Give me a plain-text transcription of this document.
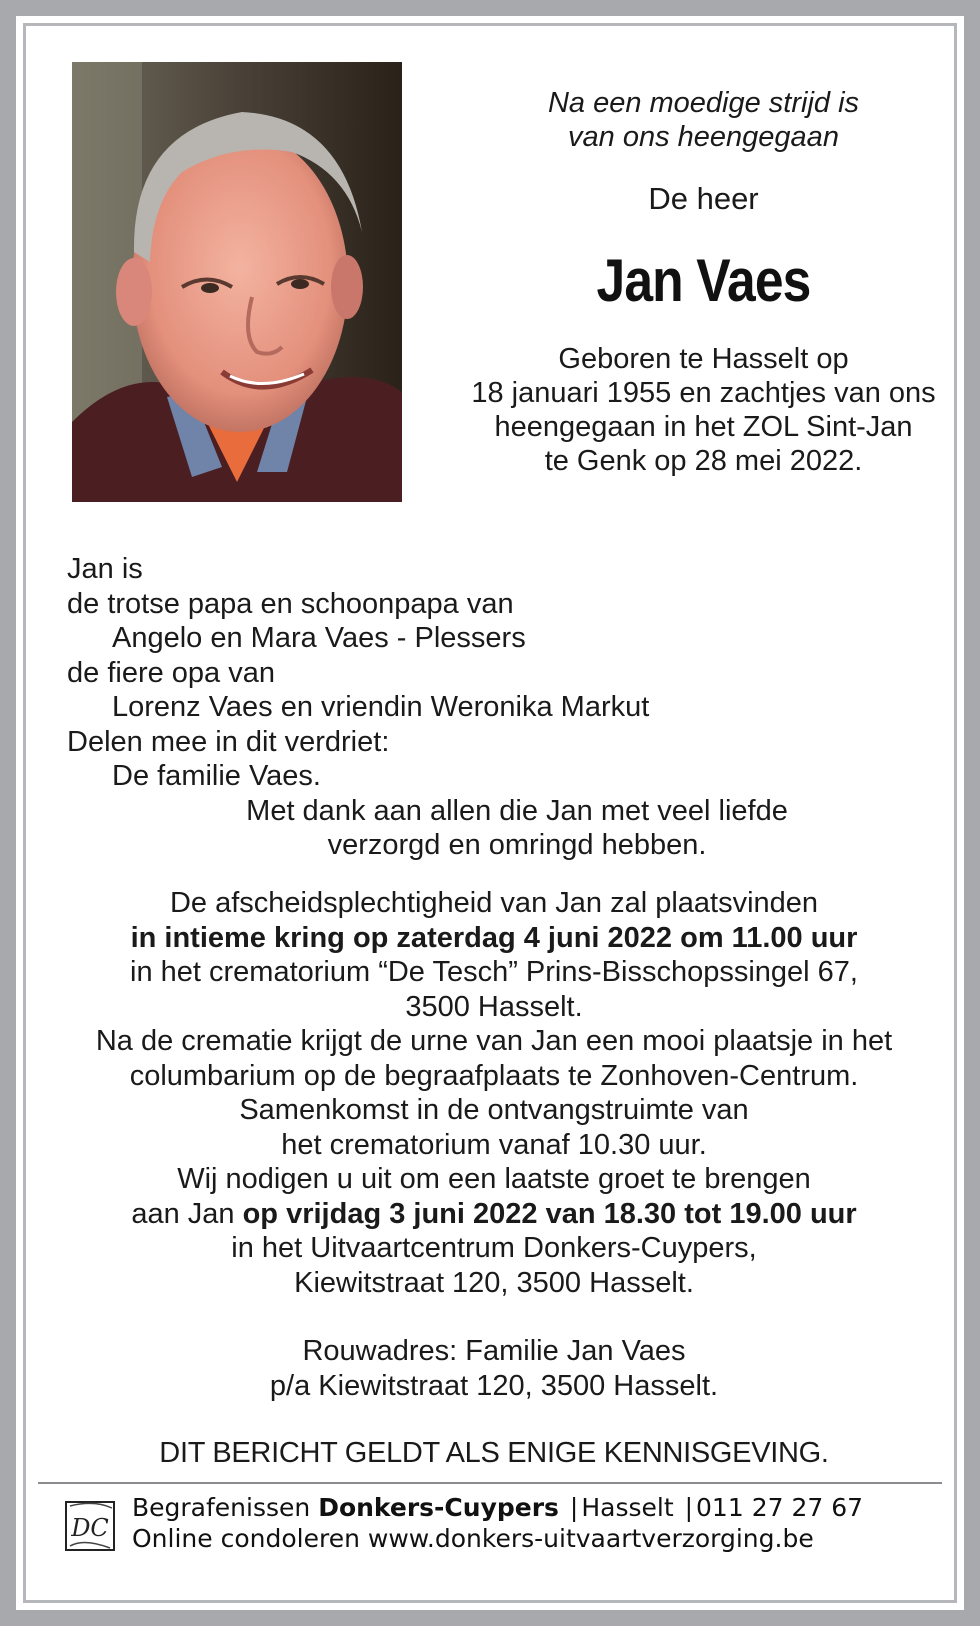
Na een moedige strijd is
van ons heengegaan
De heer
Jan Vaes
Geboren te Hasselt op
18 januari 1955 en zachtjes van ons
heengegaan in het ZOL Sint-Jan
te Genk op 28 mei 2022.
Jan is
de trotse papa en schoonpapa van
Angelo en Mara Vaes - Plessers
de fiere opa van
Lorenz Vaes en vriendin Weronika Markut
Delen mee in dit verdriet:
De familie Vaes.
Met dank aan allen die Jan met veel liefde
verzorgd en omringd hebben.
De afscheidsplechtigheid van Jan zal plaatsvinden
in intieme kring op zaterdag 4 juni 2022 om 11.00 uur
in het crematorium “De Tesch” Prins-Bisschopssingel 67,
3500 Hasselt.
Na de crematie krijgt de urne van Jan een mooi plaatsje in het
columbarium op de begraafplaats te Zonhoven-Centrum.
Samenkomst in de ontvangstruimte van
het crematorium vanaf 10.30 uur.
Wij nodigen u uit om een laatste groet te brengen
aan Jan op vrijdag 3 juni 2022 van 18.30 tot 19.00 uur
in het Uitvaartcentrum Donkers-Cuypers,
Kiewitstraat 120, 3500 Hasselt.
Rouwadres: Familie Jan Vaes
p/a Kiewitstraat 120, 3500 Hasselt.
DIT BERICHT GELDT ALS ENIGE KENNISGEVING.
DC
Begrafenissen Donkers-Cuypers | Hasselt | 011 27 27 67
Online condoleren www.donkers-uitvaartverzorging.be
